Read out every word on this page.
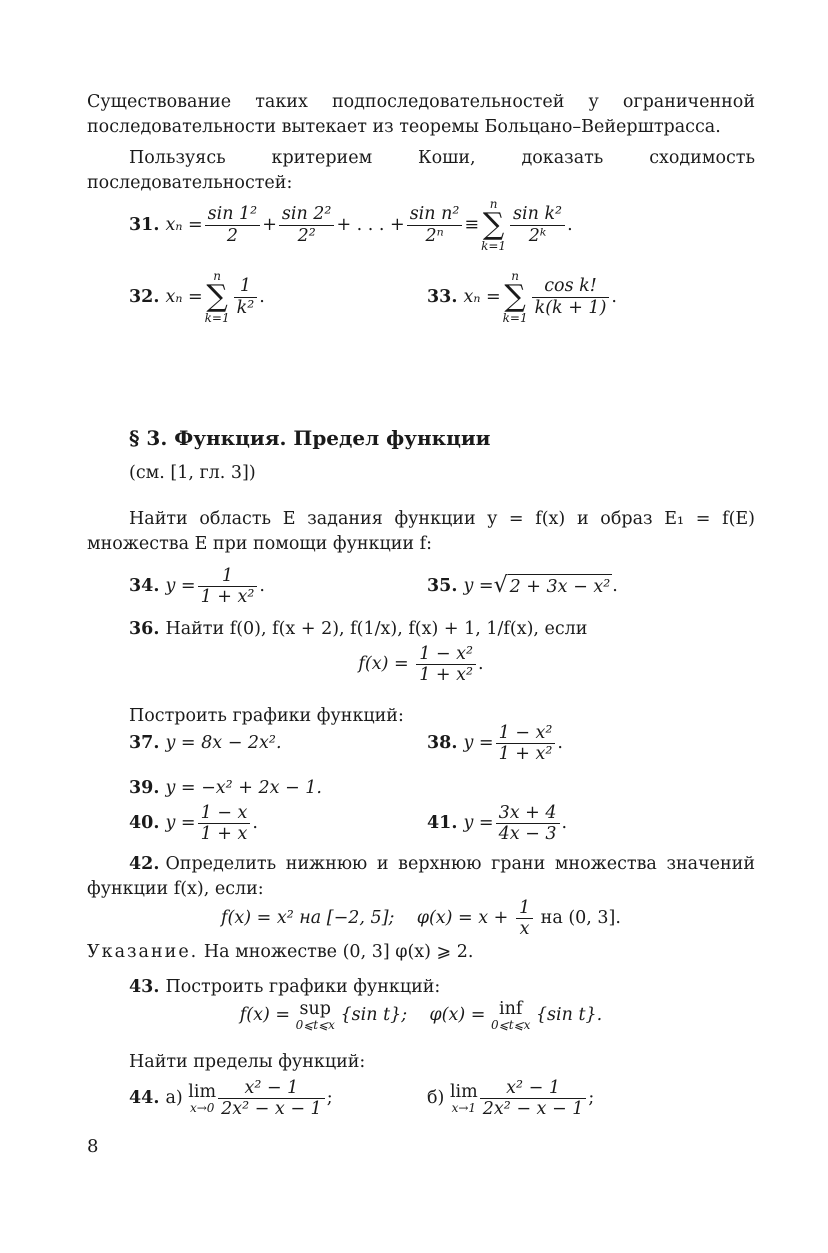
Существование таких подпоследовательностей у ограниченной последовательности вытекает из теоремы Больцано–Вейерштрасса.

Пользуясь критерием Коши, доказать сходимость последовательностей:

31. $x_n = \frac{\text{sin 1²}}{2} + \frac{\text{sin 2²}}{\text{2²}}$ + . . . + $\frac{\text{sin n²}}{\text{2ⁿ}}$ ≡
n
∑
k=1
$\frac{\text{sin k²}}{\text{2ᵏ}}$ .
32. xₙ =
n
∑
k=1
$\frac{1}{\text{k²}}$ .	33. xₙ =
n
∑
k=1
$\frac{\text{cos k!}}{k(k + 1)}$ .
§ 3. Функция. Предел функции
(см. [1, гл. 3])

Найти область E задания функции y = f(x) и образ E₁ = f(E) множества E при помощи функции f:

34. $y = \frac{1}{\text{1 + x²}}$ .	35. y = √ 2 + 3x − x² .
36. Найти f(0), f(x + 2), f(1/x), f(x) + 1, 1/f(x), если
$f(x) = \frac{\text{1 − x²}}{\text{1 + x²}}$ .
Построить графики функций:
37. y = 8x − 2x².	38. $y = \frac{\text{1 − x²}}{\text{1 + x²}}$ .
39. y = −x² + 2x − 1.
40. $y = \frac{1 - x}{1 + x}$ .	41. $y = \frac{3x + 4}{4x - 3}$ .

42. Определить нижнюю и верхнюю грани множества значений функции f(x), если:

f(x) = x² на [−2, 5]; $\varphi(x) = x + \frac{1}{x}$ на (0, 3].
Указание. На множестве (0, 3] φ(x) ⩾ 2.
43. Построить графики функций:
f(x) = sup
0⩽t⩽x
{sin t}; φ(x) = inf
0⩽t⩽x
{sin t}.
Найти пределы функций:
44. а)
lim
$x\to 0 \frac{\text{x² − 1}}{\text{2x² − x − 1}}$ ;	б)
lim
$x\to 1 \frac{\text{x² − 1}}{\text{2x² − x − 1}}$ ;
8
